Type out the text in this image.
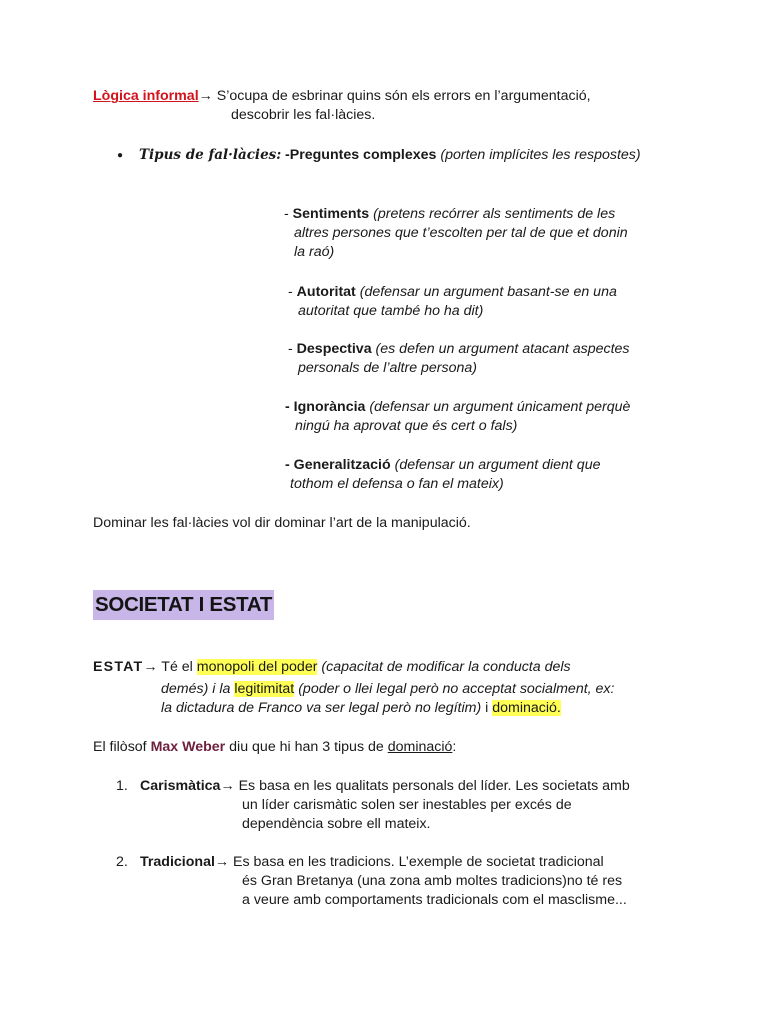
Lògica informal→ S’ocupa de esbrinar quins són els errors en l’argumentació,
descobrir les fal·làcies.
● Tipus de fal·làcies: -Preguntes complexes (porten implícites les respostes)
- Sentiments (pretens recórrer als sentiments de les
altres persones que t’escolten per tal de que et donin
la raó)
- Autoritat (defensar un argument basant-se en una
autoritat que també ho ha dit)
- Despectiva (es defen un argument atacant aspectes
personals de l’altre persona)
- Ignorància (defensar un argument únicament perquè
ningú ha aprovat que és cert o fals)
- Generalització (defensar un argument dient que
tothom el defensa o fan el mateix)
Dominar les fal·làcies vol dir dominar l’art de la manipulació.
SOCIETAT I ESTAT
ESTAT→ Té el monopoli del poder (capacitat de modificar la conducta dels
demés) i la legitimitat (poder o llei legal però no acceptat socialment, ex:
la dictadura de Franco va ser legal però no legítim) i dominació.
El filòsof Max Weber diu que hi han 3 tipus de dominació:
1. Carismàtica→ Es basa en les qualitats personals del líder. Les societats amb
un líder carismàtic solen ser inestables per excés de
dependència sobre ell mateix.
2. Tradicional→ Es basa en les tradicions. L’exemple de societat tradicional
és Gran Bretanya (una zona amb moltes tradicions)no té res
a veure amb comportaments tradicionals com el masclisme...
